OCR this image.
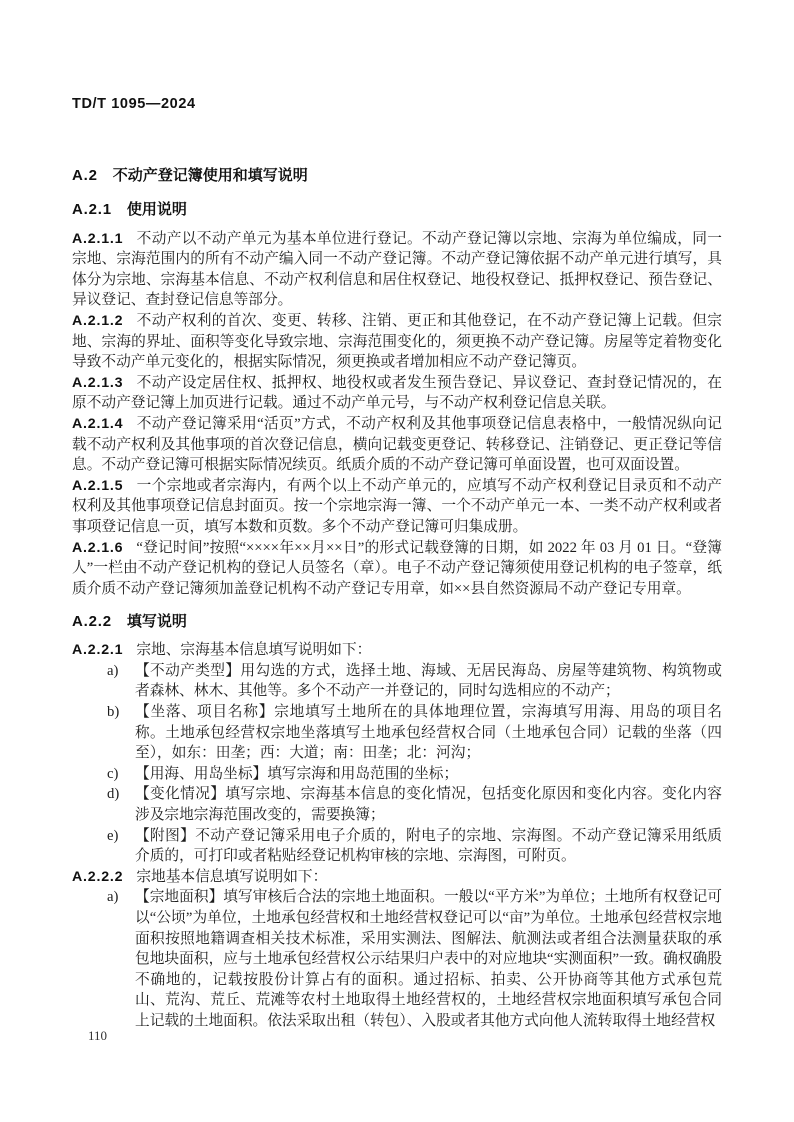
TD/T 1095—2024
A.2 不动产登记簿使用和填写说明
A.2.1 使用说明

A.2.1.1 不动产以不动产单元为基本单位进行登记。不动产登记簿以宗地、宗海为单位编成，同一宗地、宗海范围内的所有不动产编入同一不动产登记簿。不动产登记簿依据不动产单元进行填写，具体分为宗地、宗海基本信息、不动产权利信息和居住权登记、地役权登记、抵押权登记、预告登记、异议登记、查封登记信息等部分。

A.2.1.2 不动产权利的首次、变更、转移、注销、更正和其他登记，在不动产登记簿上记载。但宗地、宗海的界址、面积等变化导致宗地、宗海范围变化的，须更换不动产登记簿。房屋等定着物变化导致不动产单元变化的，根据实际情况，须更换或者增加相应不动产登记簿页。

A.2.1.3 不动产设定居住权、抵押权、地役权或者发生预告登记、异议登记、查封登记情况的，在原不动产登记簿上加页进行记载。通过不动产单元号，与不动产权利登记信息关联。

A.2.1.4 不动产登记簿采用“活页”方式，不动产权利及其他事项登记信息表格中，一般情况纵向记载不动产权利及其他事项的首次登记信息，横向记载变更登记、转移登记、注销登记、更正登记等信息。不动产登记簿可根据实际情况续页。纸质介质的不动产登记簿可单面设置，也可双面设置。

A.2.1.5 一个宗地或者宗海内，有两个以上不动产单元的，应填写不动产权利登记目录页和不动产权利及其他事项登记信息封面页。按一个宗地宗海一簿、一个不动产单元一本、一类不动产权利或者事项登记信息一页，填写本数和页数。多个不动产登记簿可归集成册。

A.2.1.6 “登记时间”按照“××××年××月××日”的形式记载登簿的日期，如 2022 年 03 月 01 日。“登簿人”一栏由不动产登记机构的登记人员签名（章）。电子不动产登记簿须使用登记机构的电子签章，纸质介质不动产登记簿须加盖登记机构不动产登记专用章，如××县自然资源局不动产登记专用章。

A.2.2 填写说明

A.2.2.1 宗地、宗海基本信息填写说明如下：

a)	【不动产类型】用勾选的方式，选择土地、海域、无居民海岛、房屋等建筑物、构筑物或者森林、林木、其他等。多个不动产一并登记的，同时勾选相应的不动产；
b)	【坐落、项目名称】宗地填写土地所在的具体地理位置，宗海填写用海、用岛的项目名称。土地承包经营权宗地坐落填写土地承包经营权合同（土地承包合同）记载的坐落（四至），如东：田垄；西：大道；南：田垄；北：河沟；
c)	【用海、用岛坐标】填写宗海和用岛范围的坐标；
d)	【变化情况】填写宗地、宗海基本信息的变化情况，包括变化原因和变化内容。变化内容涉及宗地宗海范围改变的，需要换簿；
e)	【附图】不动产登记簿采用电子介质的，附电子的宗地、宗海图。不动产登记簿采用纸质介质的，可打印或者粘贴经登记机构审核的宗地、宗海图，可附页。

A.2.2.2 宗地基本信息填写说明如下：

a)	【宗地面积】填写审核后合法的宗地土地面积。一般以“平方米”为单位；土地所有权登记可以“公顷”为单位，土地承包经营权和土地经营权登记可以“亩”为单位。土地承包经营权宗地面积按照地籍调查相关技术标准，采用实测法、图解法、航测法或者组合法测量获取的承包地块面积，应与土地承包经营权公示结果归户表中的对应地块“实测面积”一致。确权确股不确地的，记载按股份计算占有的面积。通过招标、拍卖、公开协商等其他方式承包荒山、荒沟、荒丘、荒滩等农村土地取得土地经营权的，土地经营权宗地面积填写承包合同上记载的土地面积。依法采取出租（转包）、入股或者其他方式向他人流转取得土地经营权
110
